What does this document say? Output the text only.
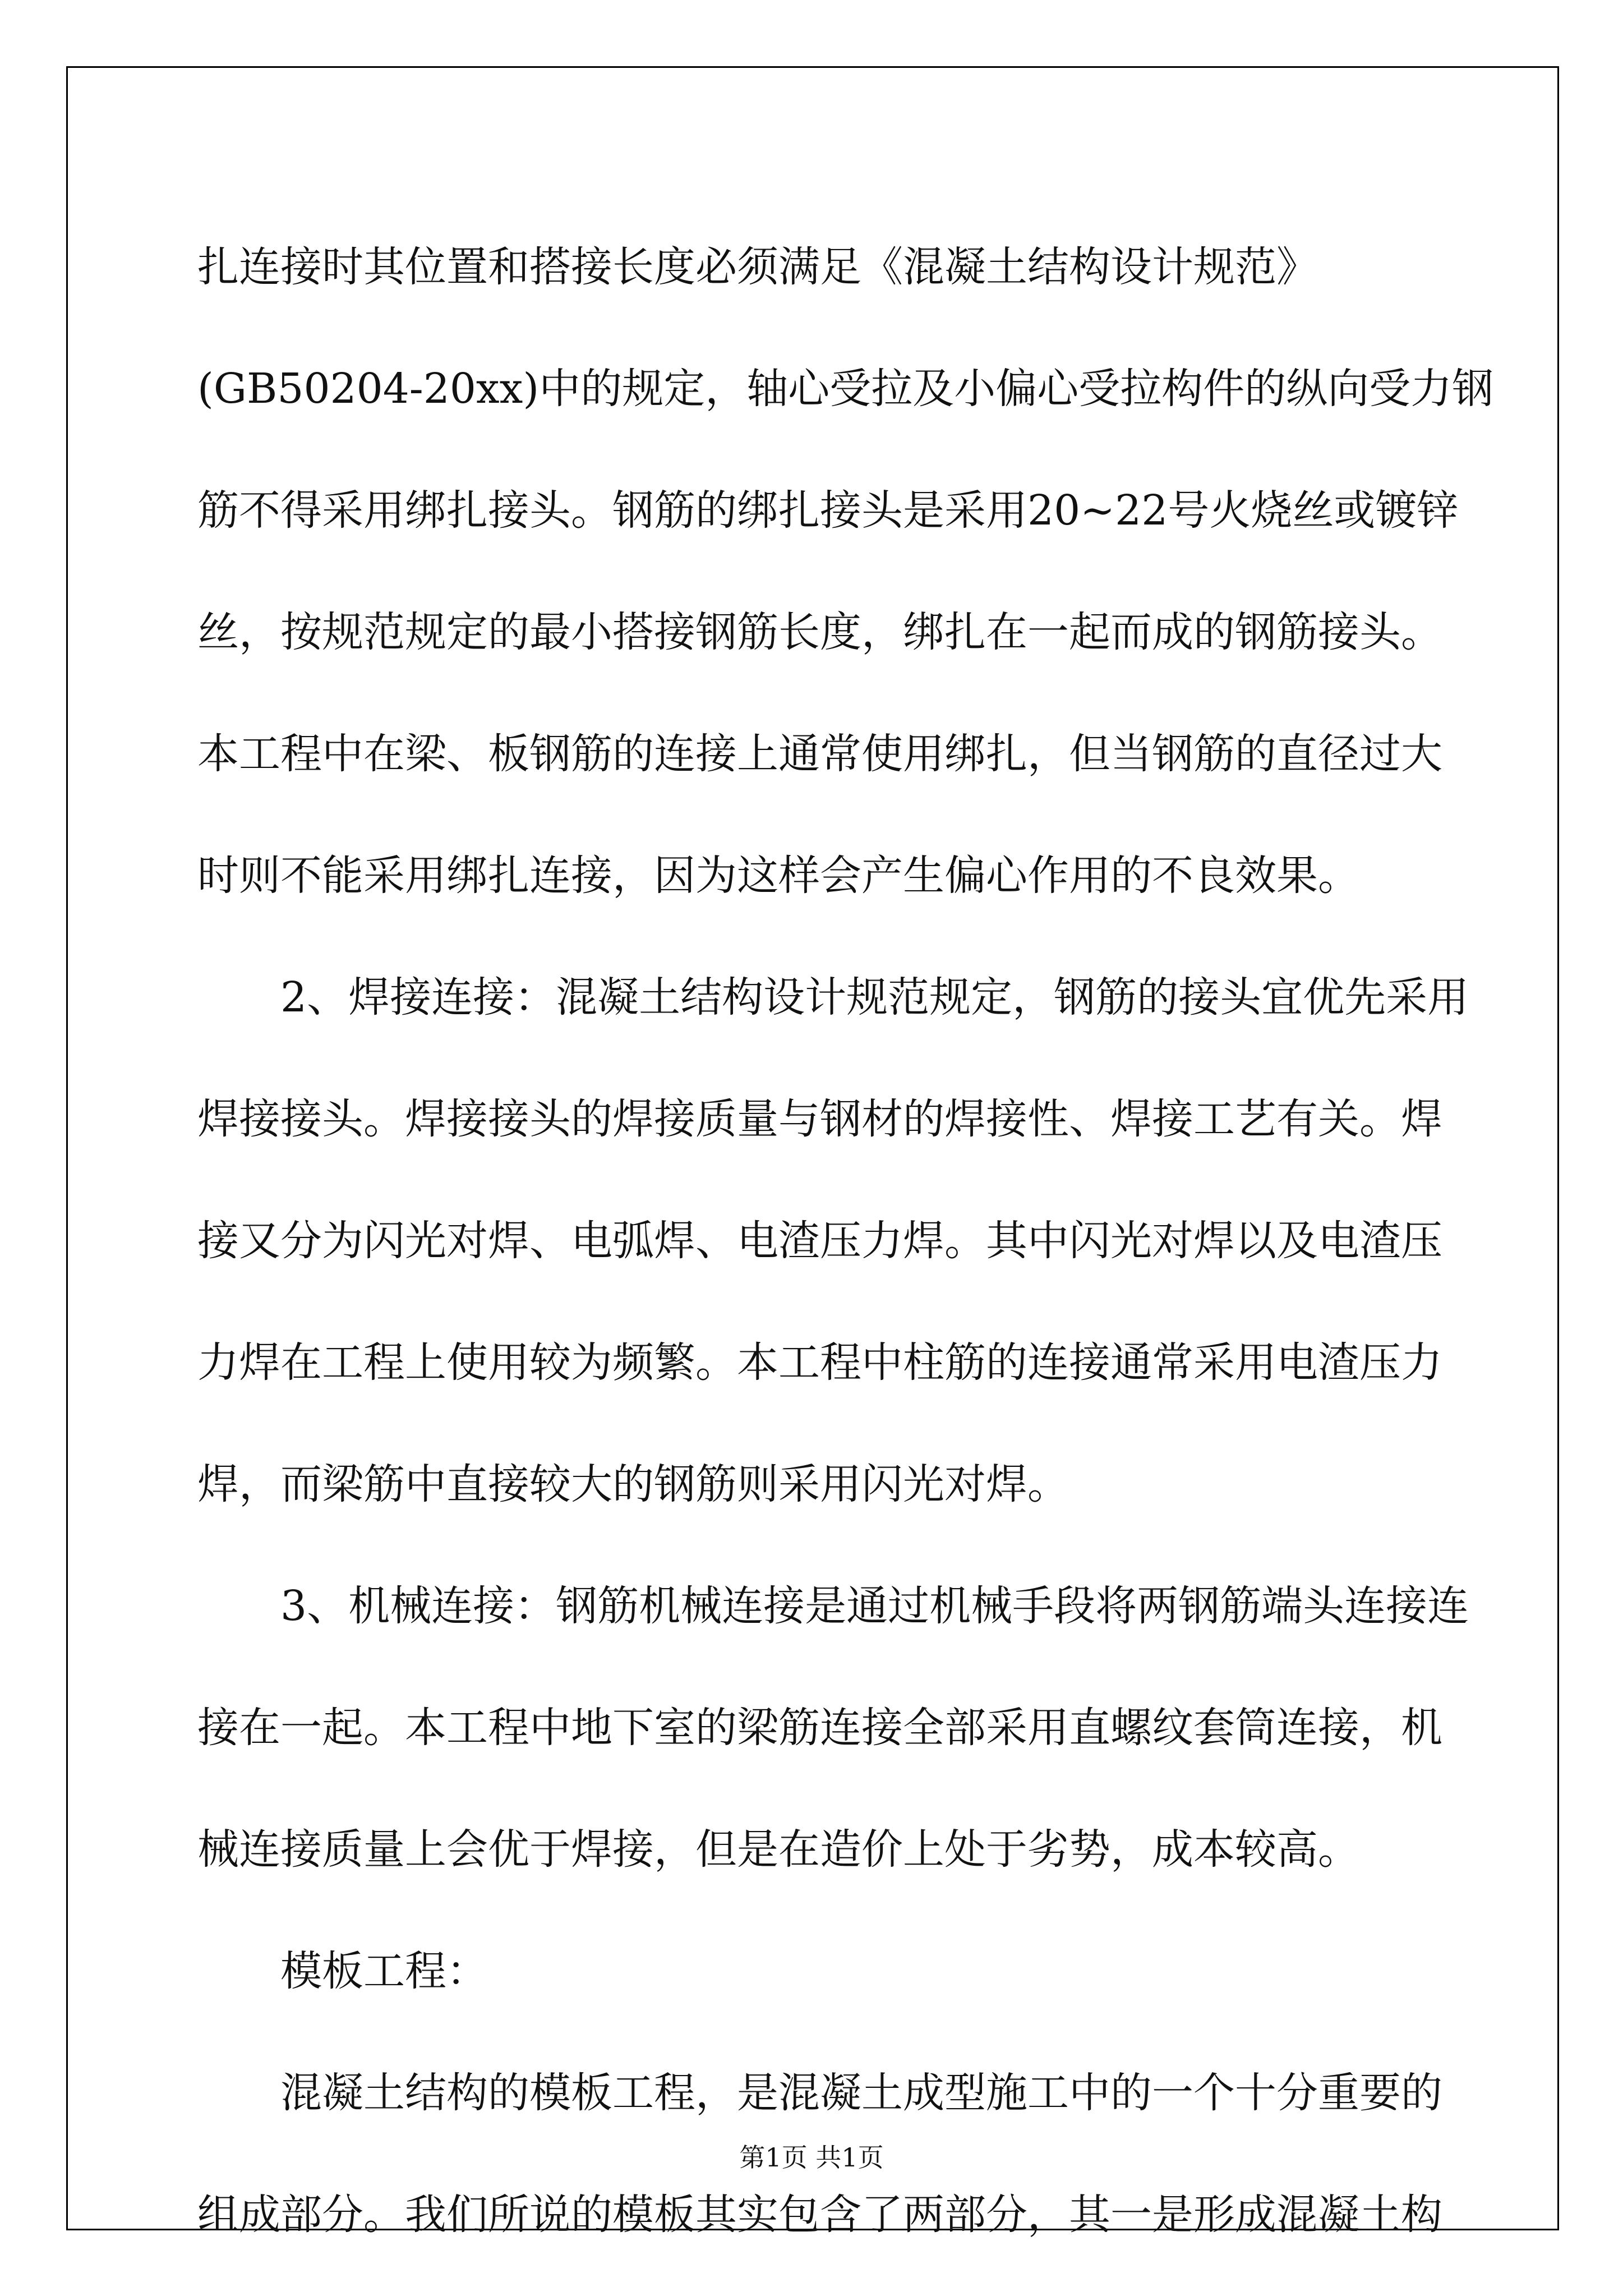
扎连接时其位置和搭接长度必须满足《混凝土结构设计规范》
(GB50204-20xx)中的规定，轴心受拉及小偏心受拉构件的纵向受力钢
筋不得采用绑扎接头。钢筋的绑扎接头是采用20~22号火烧丝或镀锌
丝，按规范规定的最小搭接钢筋长度，绑扎在一起而成的钢筋接头。
本工程中在梁、板钢筋的连接上通常使用绑扎，但当钢筋的直径过大
时则不能采用绑扎连接，因为这样会产生偏心作用的不良效果。
2、焊接连接：混凝土结构设计规范规定，钢筋的接头宜优先采用
焊接接头。焊接接头的焊接质量与钢材的焊接性、焊接工艺有关。焊
接又分为闪光对焊、电弧焊、电渣压力焊。其中闪光对焊以及电渣压
力焊在工程上使用较为频繁。本工程中柱筋的连接通常采用电渣压力
焊，而梁筋中直接较大的钢筋则采用闪光对焊。
3、机械连接：钢筋机械连接是通过机械手段将两钢筋端头连接连
接在一起。本工程中地下室的梁筋连接全部采用直螺纹套筒连接，机
械连接质量上会优于焊接，但是在造价上处于劣势，成本较高。
模板工程：
混凝土结构的模板工程，是混凝土成型施工中的一个十分重要的
组成部分。我们所说的模板其实包含了两部分，其一是形成混凝土构
第1页 共1页
